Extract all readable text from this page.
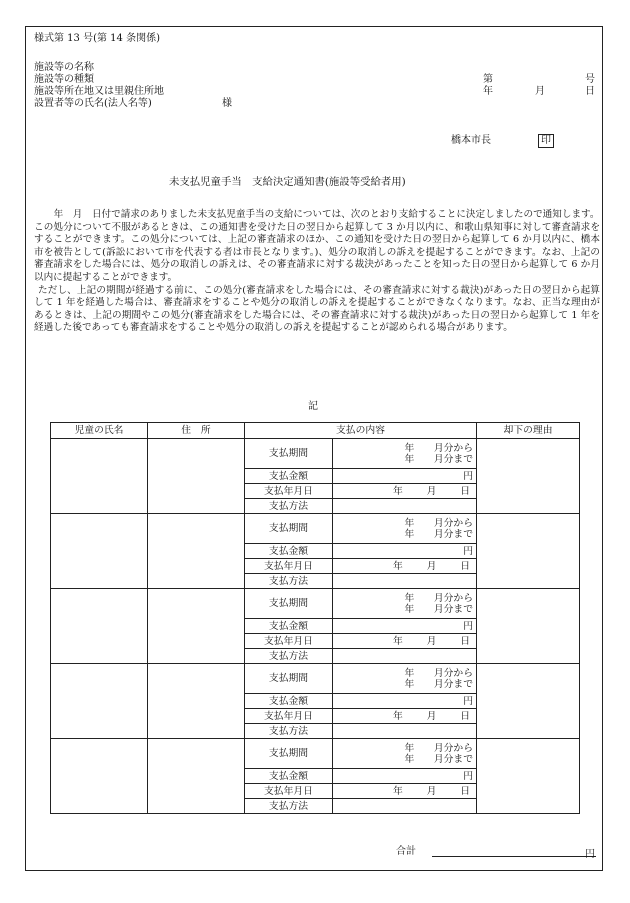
様式第 13 号(第 14 条関係)
施設等の名称
施設等の種類
施設等所在地又は里親住所地
設置者等の氏名(法人名等)	様
第	号
年	月	日
橋本市長	印
未支払児童手当　支給決定通知書(施設等受給者用)

　年　月　日付で請求のありました未支払児童手当の支給については、次のとおり支給することに決定しましたので通知します。

この処分について不服があるときは、この通知書を受けた日の翌日から起算して 3 か月以内に、和歌山県知事に対して審査請求をすることができます。この処分については、上記の審査請求のほか、この通知を受けた日の翌日から起算して 6 か月以内に、橋本市を被告として(訴訟において市を代表する者は市長となります。)、処分の取消しの訴えを提起することができます。なお、上記の審査請求をした場合には、処分の取消しの訴えは、その審査請求に対する裁決があったことを知った日の翌日から起算して 6 か月以内に提起することができます。

ただし、上記の期間が経過する前に、この処分(審査請求をした場合には、その審査請求に対する裁決)があった日の翌日から起算して 1 年を経過した場合は、審査請求をすることや処分の取消しの訴えを提起することができなくなります。なお、正当な理由があるときは、上記の期間やこの処分(審査請求をした場合には、その審査請求に対する裁決)があった日の翌日から起算して 1 年を経過した後であっても審査請求をすることや処分の取消しの訴えを提起することが認められる場合があります。

記
児童の氏名	住　所	支払の内容		却下の理由
		支払期間	年　　月分から
年　　月分まで	

		支払金額	円	
		支払年月日	年 月 日	

		支払方法		
		支払期間	年　　月分から
年　　月分まで	

		支払金額	円	
		支払年月日	年 月 日	

		支払方法		
		支払期間	年　　月分から
年　　月分まで	

		支払金額	円	
		支払年月日	年 月 日	

		支払方法		
		支払期間	年　　月分から
年　　月分まで	

		支払金額	円	
		支払年月日	年 月 日	

		支払方法		
		支払期間	年　　月分から
年　　月分まで	

		支払金額	円	
		支払年月日	年 月 日	

		支払方法		
合計	円
